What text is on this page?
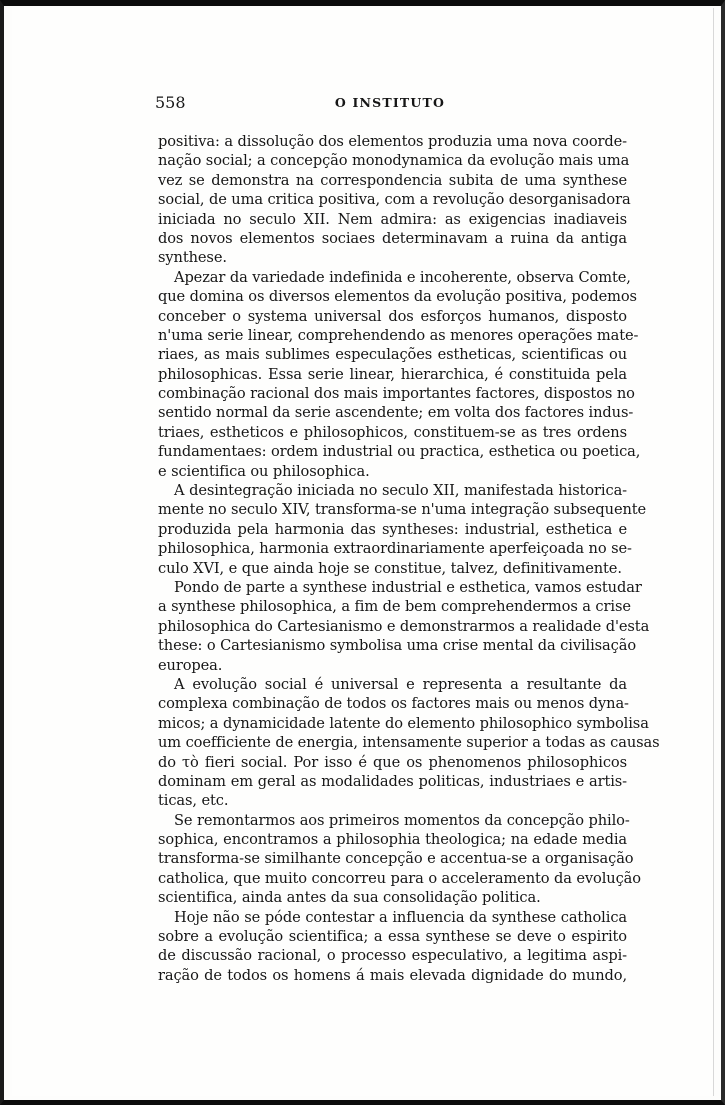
558	O INSTITUTO
positiva: a dissolução dos elementos produzia uma nova coorde-
nação social; a concepção monodynamica da evolução mais uma
vez se demonstra na correspondencia subita de uma synthese
social, de uma critica positiva, com a revolução desorganisadora
iniciada no seculo XII. Nem admira: as exigencias inadiaveis
dos novos elementos sociaes determinavam a ruina da antiga
synthese.
Apezar da variedade indefinida e incoherente, observa Comte,
que domina os diversos elementos da evolução positiva, podemos
conceber o systema universal dos esforços humanos, disposto
n'uma serie linear, comprehendendo as menores operações mate-
riaes, as mais sublimes especulações estheticas, scientificas ou
philosophicas. Essa serie linear, hierarchica, é constituida pela
combinação racional dos mais importantes factores, dispostos no
sentido normal da serie ascendente; em volta dos factores indus-
triaes, estheticos e philosophicos, constituem-se as tres ordens
fundamentaes: ordem industrial ou practica, esthetica ou poetica,
e scientifica ou philosophica.
A desintegração iniciada no seculo XII, manifestada historica-
mente no seculo XIV, transforma-se n'uma integração subsequente
produzida pela harmonia das syntheses: industrial, esthetica e
philosophica, harmonia extraordinariamente aperfeiçoada no se-
culo XVI, e que ainda hoje se constitue, talvez, definitivamente.
Pondo de parte a synthese industrial e esthetica, vamos estudar
a synthese philosophica, a fim de bem comprehendermos a crise
philosophica do Cartesianismo e demonstrarmos a realidade d'esta
these: o Cartesianismo symbolisa uma crise mental da civilisação
europea.
A evolução social é universal e representa a resultante da
complexa combinação de todos os factores mais ou menos dyna-
micos; a dynamicidade latente do elemento philosophico symbolisa
um coefficiente de energia, intensamente superior a todas as causas
do τὸ fieri social. Por isso é que os phenomenos philosophicos
dominam em geral as modalidades politicas, industriaes e artis-
ticas, etc.
Se remontarmos aos primeiros momentos da concepção philo-
sophica, encontramos a philosophia theologica; na edade media
transforma-se similhante concepção e accentua-se a organisação
catholica, que muito concorreu para o acceleramento da evolução
scientifica, ainda antes da sua consolidação politica.
Hoje não se póde contestar a influencia da synthese catholica
sobre a evolução scientifica; a essa synthese se deve o espirito
de discussão racional, o processo especulativo, a legitima aspi-
ração de todos os homens á mais elevada dignidade do mundo,
